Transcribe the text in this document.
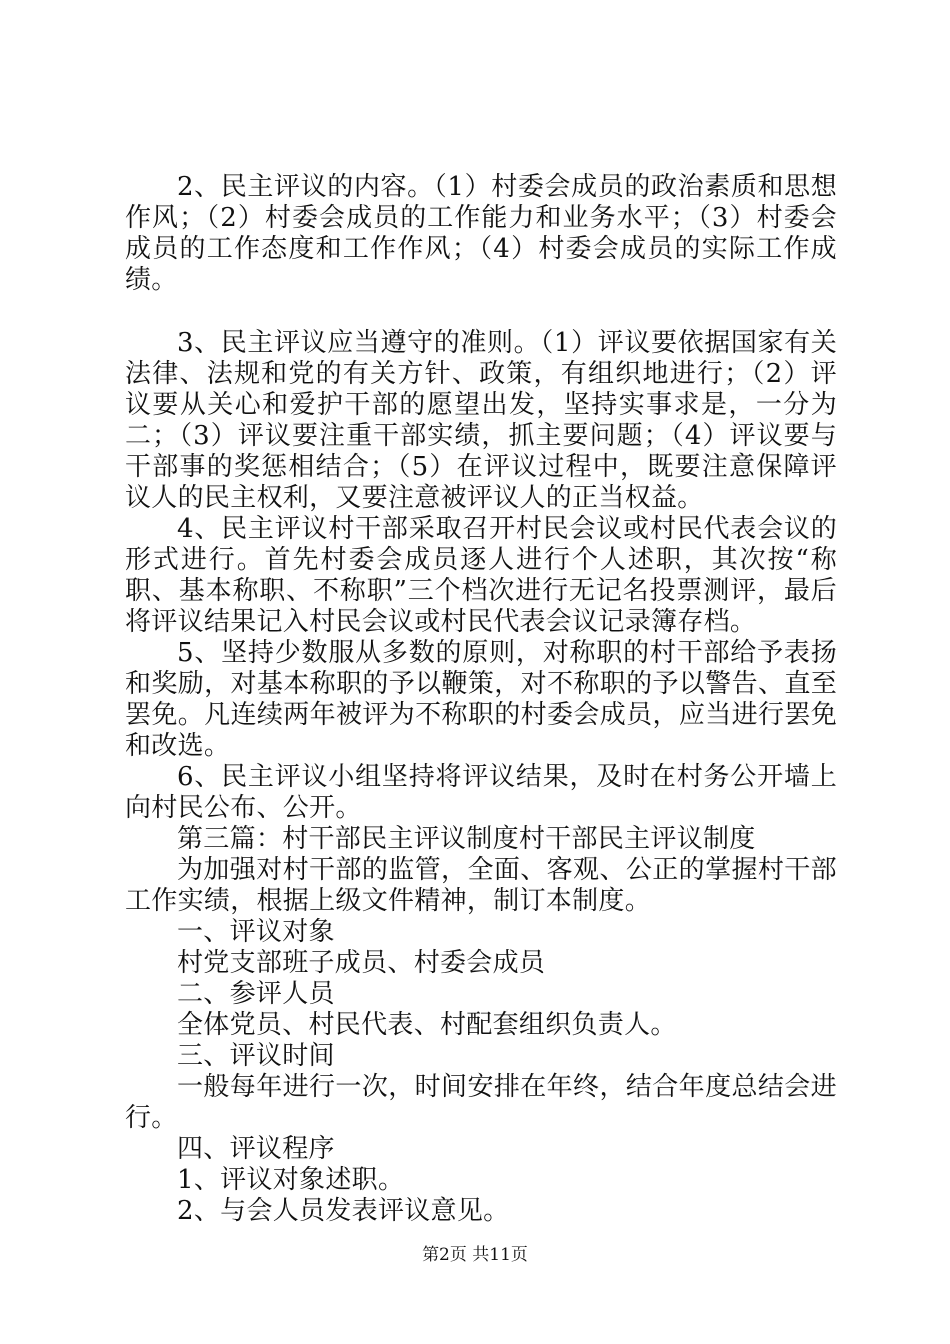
2、民主评议的内容。（1）村委会成员的政治素质和思想作风；（2）村委会成员的工作能力和业务水平；（3）村委会成员的工作态度和工作作风；（4）村委会成员的实际工作成绩。

3、民主评议应当遵守的准则。（1）评议要依据国家有关法律、法规和党的有关方针、政策，有组织地进行；（2）评议要从关心和爱护干部的愿望出发，坚持实事求是，一分为二；（3）评议要注重干部实绩，抓主要问题；（4）评议要与干部事的奖惩相结合；（5）在评议过程中，既要注意保障评议人的民主权利，又要注意被评议人的正当权益。

4、民主评议村干部采取召开村民会议或村民代表会议的形式进行。首先村委会成员逐人进行个人述职，其次按“称职、基本称职、不称职”三个档次进行无记名投票测评，最后将评议结果记入村民会议或村民代表会议记录簿存档。

5、坚持少数服从多数的原则，对称职的村干部给予表扬和奖励，对基本称职的予以鞭策，对不称职的予以警告、直至罢免。凡连续两年被评为不称职的村委会成员，应当进行罢免和改选。

6、民主评议小组坚持将评议结果，及时在村务公开墙上向村民公布、公开。

第三篇：村干部民主评议制度村干部民主评议制度

为加强对村干部的监管，全面、客观、公正的掌握村干部工作实绩，根据上级文件精神，制订本制度。

一、评议对象

村党支部班子成员、村委会成员

二、参评人员

全体党员、村民代表、村配套组织负责人。

三、评议时间

一般每年进行一次，时间安排在年终，结合年度总结会进行。

四、评议程序

1、评议对象述职。

2、与会人员发表评议意见。

第2页 共11页
